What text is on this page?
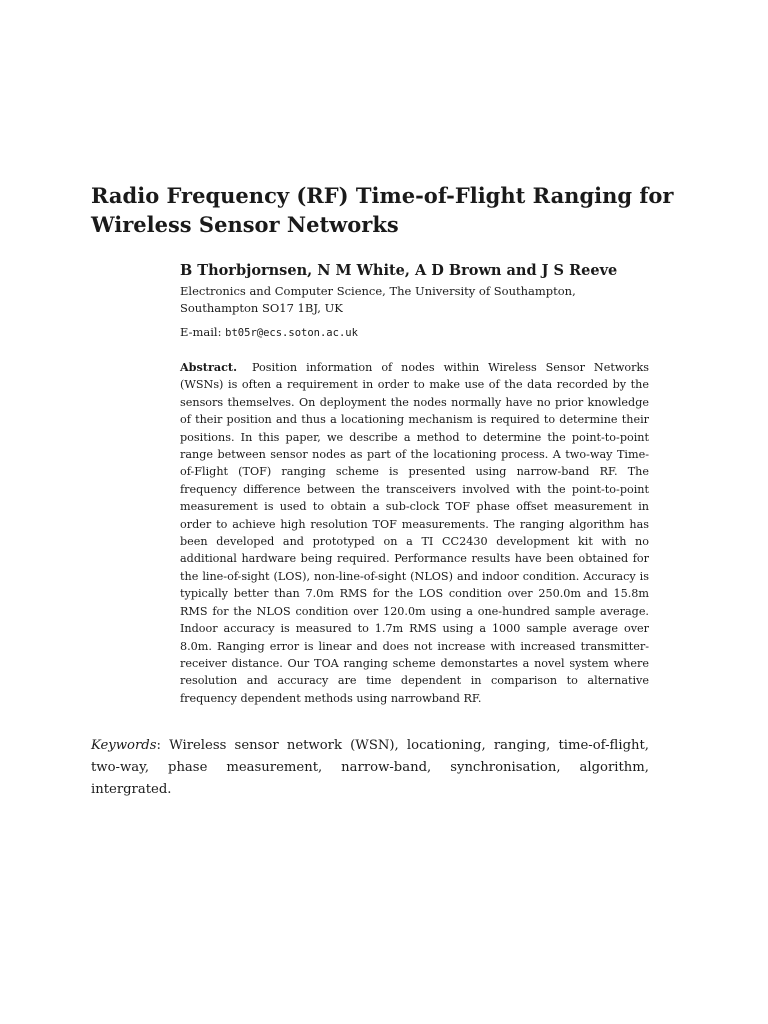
Radio Frequency (RF) Time-of-Flight Ranging for Wireless Sensor Networks

B Thorbjornsen, N M White, A D Brown and J S Reeve

Electronics and Computer Science, The University of Southampton, Southampton SO17 1BJ, UK

E-mail: bt05r@ecs.soton.ac.uk

Abstract. Position information of nodes within Wireless Sensor Networks (WSNs) is often a requirement in order to make use of the data recorded by the sensors themselves. On deployment the nodes normally have no prior knowledge of their position and thus a locationing mechanism is required to determine their positions. In this paper, we describe a method to determine the point-to-point range between sensor nodes as part of the locationing process. A two-way Time-of-Flight (TOF) ranging scheme is presented using narrow-band RF. The frequency difference between the transceivers involved with the point-to-point measurement is used to obtain a sub-clock TOF phase offset measurement in order to achieve high resolution TOF measurements. The ranging algorithm has been developed and prototyped on a TI CC2430 development kit with no additional hardware being required. Performance results have been obtained for the line-of-sight (LOS), non-line-of-sight (NLOS) and indoor condition. Accuracy is typically better than 7.0m RMS for the LOS condition over 250.0m and 15.8m RMS for the NLOS condition over 120.0m using a one-hundred sample average. Indoor accuracy is measured to 1.7m RMS using a 1000 sample average over 8.0m. Ranging error is linear and does not increase with increased transmitter-receiver distance. Our TOA ranging scheme demonstartes a novel system where resolution and accuracy are time dependent in comparison to alternative frequency dependent methods using narrowband RF.

Keywords: Wireless sensor network (WSN), locationing, ranging, time-of-flight, two-way, phase measurement, narrow-band, synchronisation, algorithm, intergrated.
